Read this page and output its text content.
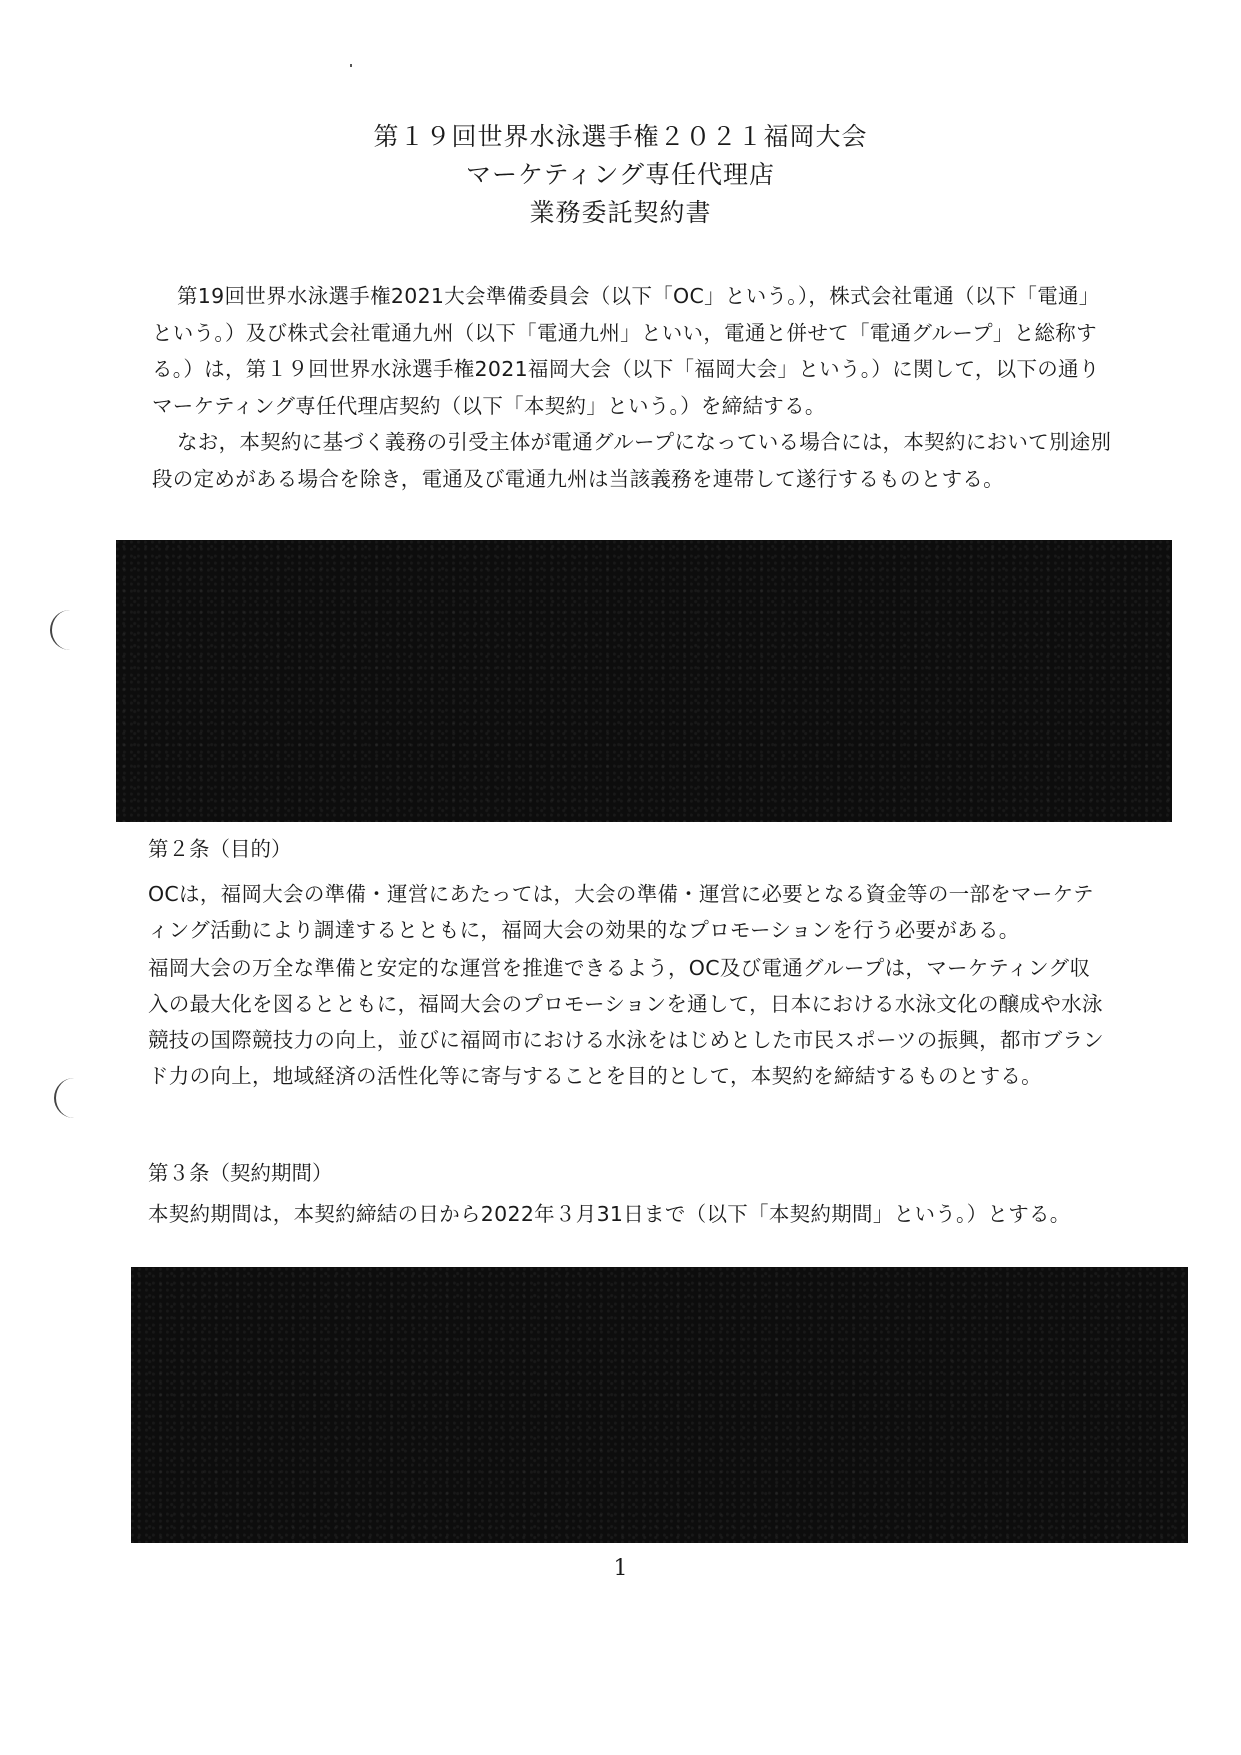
第１９回世界水泳選手権２０２１福岡大会
マーケティング専任代理店
業務委託契約書

第19回世界水泳選手権2021大会準備委員会（以下「OC」という。），株式会社電通（以下「電通」という。）及び株式会社電通九州（以下「電通九州」といい，電通と併せて「電通グループ」と総称する。）は，第１９回世界水泳選手権2021福岡大会（以下「福岡大会」という。）に関して，以下の通りマーケティング専任代理店契約（以下「本契約」という。）を締結する。

なお，本契約に基づく義務の引受主体が電通グループになっている場合には，本契約において別途別段の定めがある場合を除き，電通及び電通九州は当該義務を連帯して遂行するものとする。

第２条（目的）

OCは，福岡大会の準備・運営にあたっては，大会の準備・運営に必要となる資金等の一部をマーケティング活動により調達するとともに，福岡大会の効果的なプロモーションを行う必要がある。

福岡大会の万全な準備と安定的な運営を推進できるよう，OC及び電通グループは，マーケティング収入の最大化を図るとともに，福岡大会のプロモーションを通して，日本における水泳文化の醸成や水泳競技の国際競技力の向上，並びに福岡市における水泳をはじめとした市民スポーツの振興，都市ブランド力の向上，地域経済の活性化等に寄与することを目的として，本契約を締結するものとする。

第３条（契約期間）

本契約期間は，本契約締結の日から2022年３月31日まで（以下「本契約期間」という。）とする。

1
